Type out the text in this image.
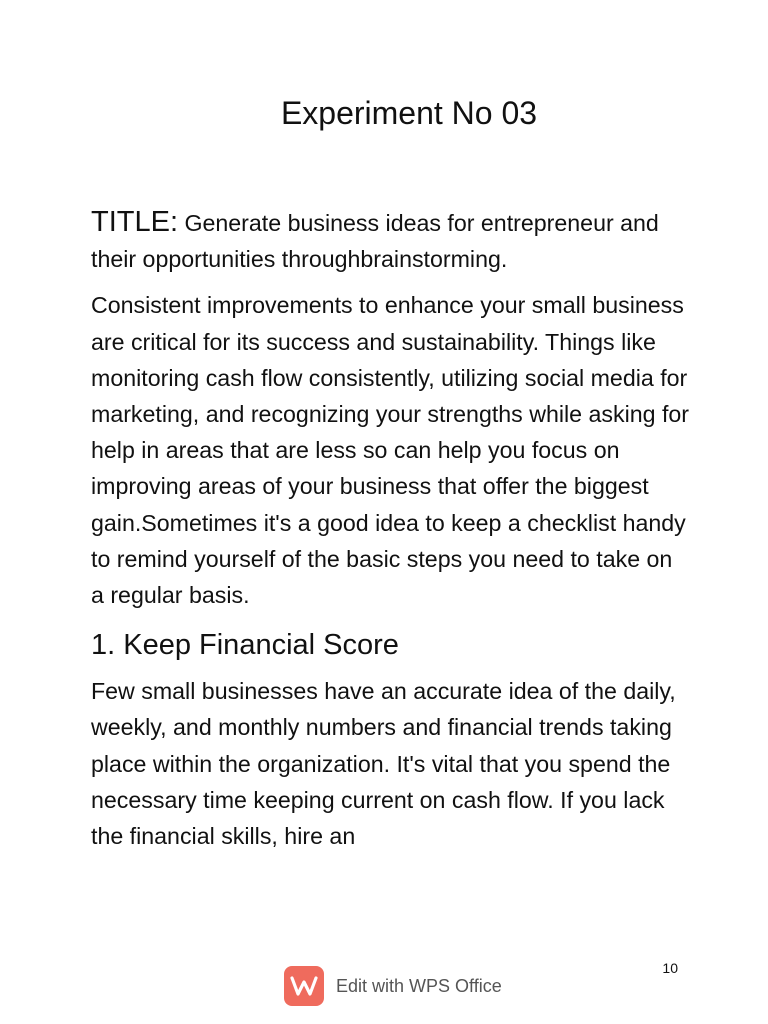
Experiment No 03

TITLE: Generate business ideas for entrepreneur and their opportunities throughbrainstorming.

Consistent improvements to enhance your small business are critical for its success and sustainability. Things like monitoring cash flow consistently, utilizing social media for marketing, and recognizing your strengths while asking for help in areas that are less so can help you focus on improving areas of your business that offer the biggest gain.Sometimes it's a good idea to keep a checklist handy to remind yourself of the basic steps you need to take on a regular basis.

1. Keep Financial Score

Few small businesses have an accurate idea of the daily, weekly, and monthly numbers and financial trends taking place within the organization. It's vital that you spend the necessary time keeping current on cash flow. If you lack the financial skills, hire an

10
Edit with WPS Office
